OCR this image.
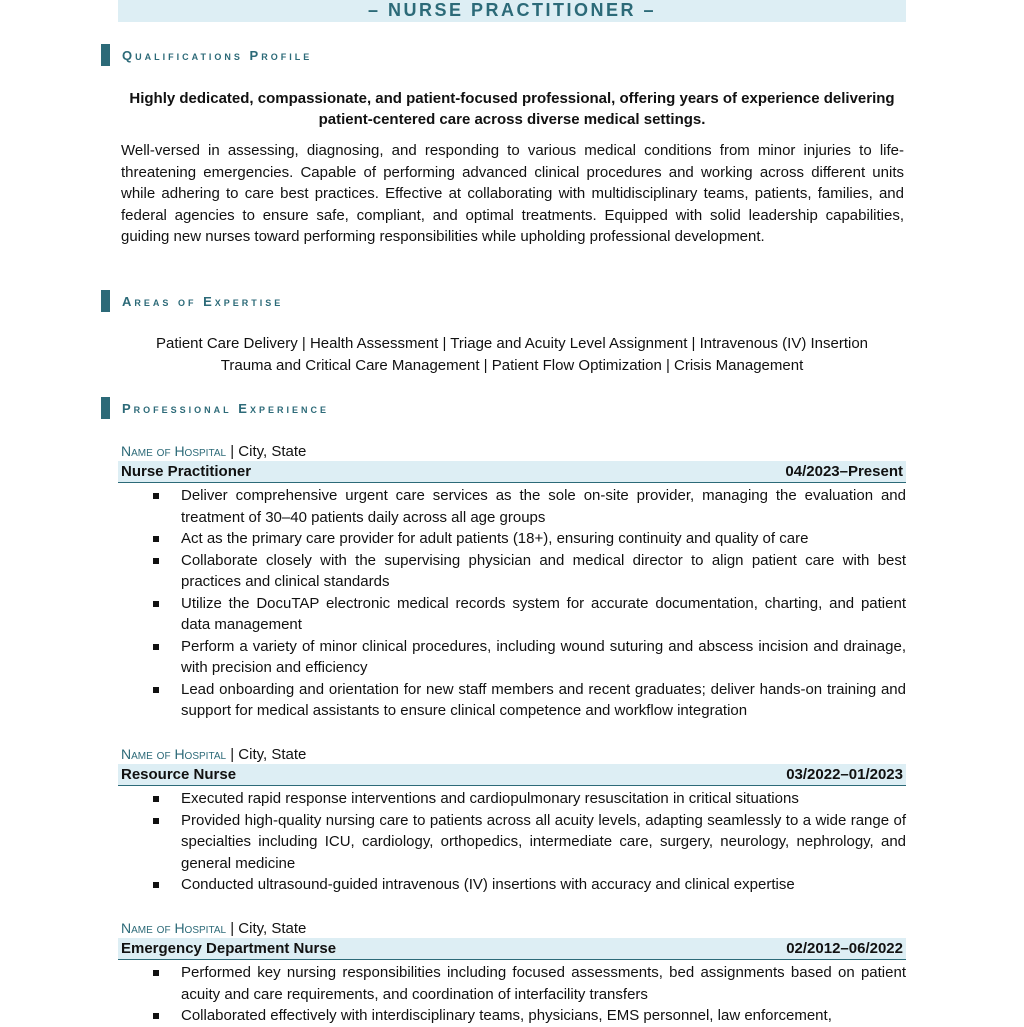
– NURSE PRACTITIONER –
Qualifications Profile
Highly dedicated, compassionate, and patient-focused professional, offering years of experience delivering patient-centered care across diverse medical settings.
Well-versed in assessing, diagnosing, and responding to various medical conditions from minor injuries to life-threatening emergencies. Capable of performing advanced clinical procedures and working across different units while adhering to care best practices. Effective at collaborating with multidisciplinary teams, patients, families, and federal agencies to ensure safe, compliant, and optimal treatments. Equipped with solid leadership capabilities, guiding new nurses toward performing responsibilities while upholding professional development.
Areas of Expertise
Patient Care Delivery | Health Assessment | Triage and Acuity Level Assignment | Intravenous (IV) Insertion
Trauma and Critical Care Management | Patient Flow Optimization | Crisis Management
Professional Experience
Name of Hospital | City, State
Nurse Practitioner	04/2023–Present
Deliver comprehensive urgent care services as the sole on-site provider, managing the evaluation and treatment of 30–40 patients daily across all age groups
Act as the primary care provider for adult patients (18+), ensuring continuity and quality of care
Collaborate closely with the supervising physician and medical director to align patient care with best practices and clinical standards
Utilize the DocuTAP electronic medical records system for accurate documentation, charting, and patient data management
Perform a variety of minor clinical procedures, including wound suturing and abscess incision and drainage, with precision and efficiency
Lead onboarding and orientation for new staff members and recent graduates; deliver hands-on training and support for medical assistants to ensure clinical competence and workflow integration
Name of Hospital | City, State
Resource Nurse	03/2022–01/2023
Executed rapid response interventions and cardiopulmonary resuscitation in critical situations
Provided high-quality nursing care to patients across all acuity levels, adapting seamlessly to a wide range of specialties including ICU, cardiology, orthopedics, intermediate care, surgery, neurology, nephrology, and general medicine
Conducted ultrasound-guided intravenous (IV) insertions with accuracy and clinical expertise
Name of Hospital | City, State
Emergency Department Nurse	02/2012–06/2022
Performed key nursing responsibilities including focused assessments, bed assignments based on patient acuity and care requirements, and coordination of interfacility transfers
Collaborated effectively with interdisciplinary teams, physicians, EMS personnel, law enforcement,
